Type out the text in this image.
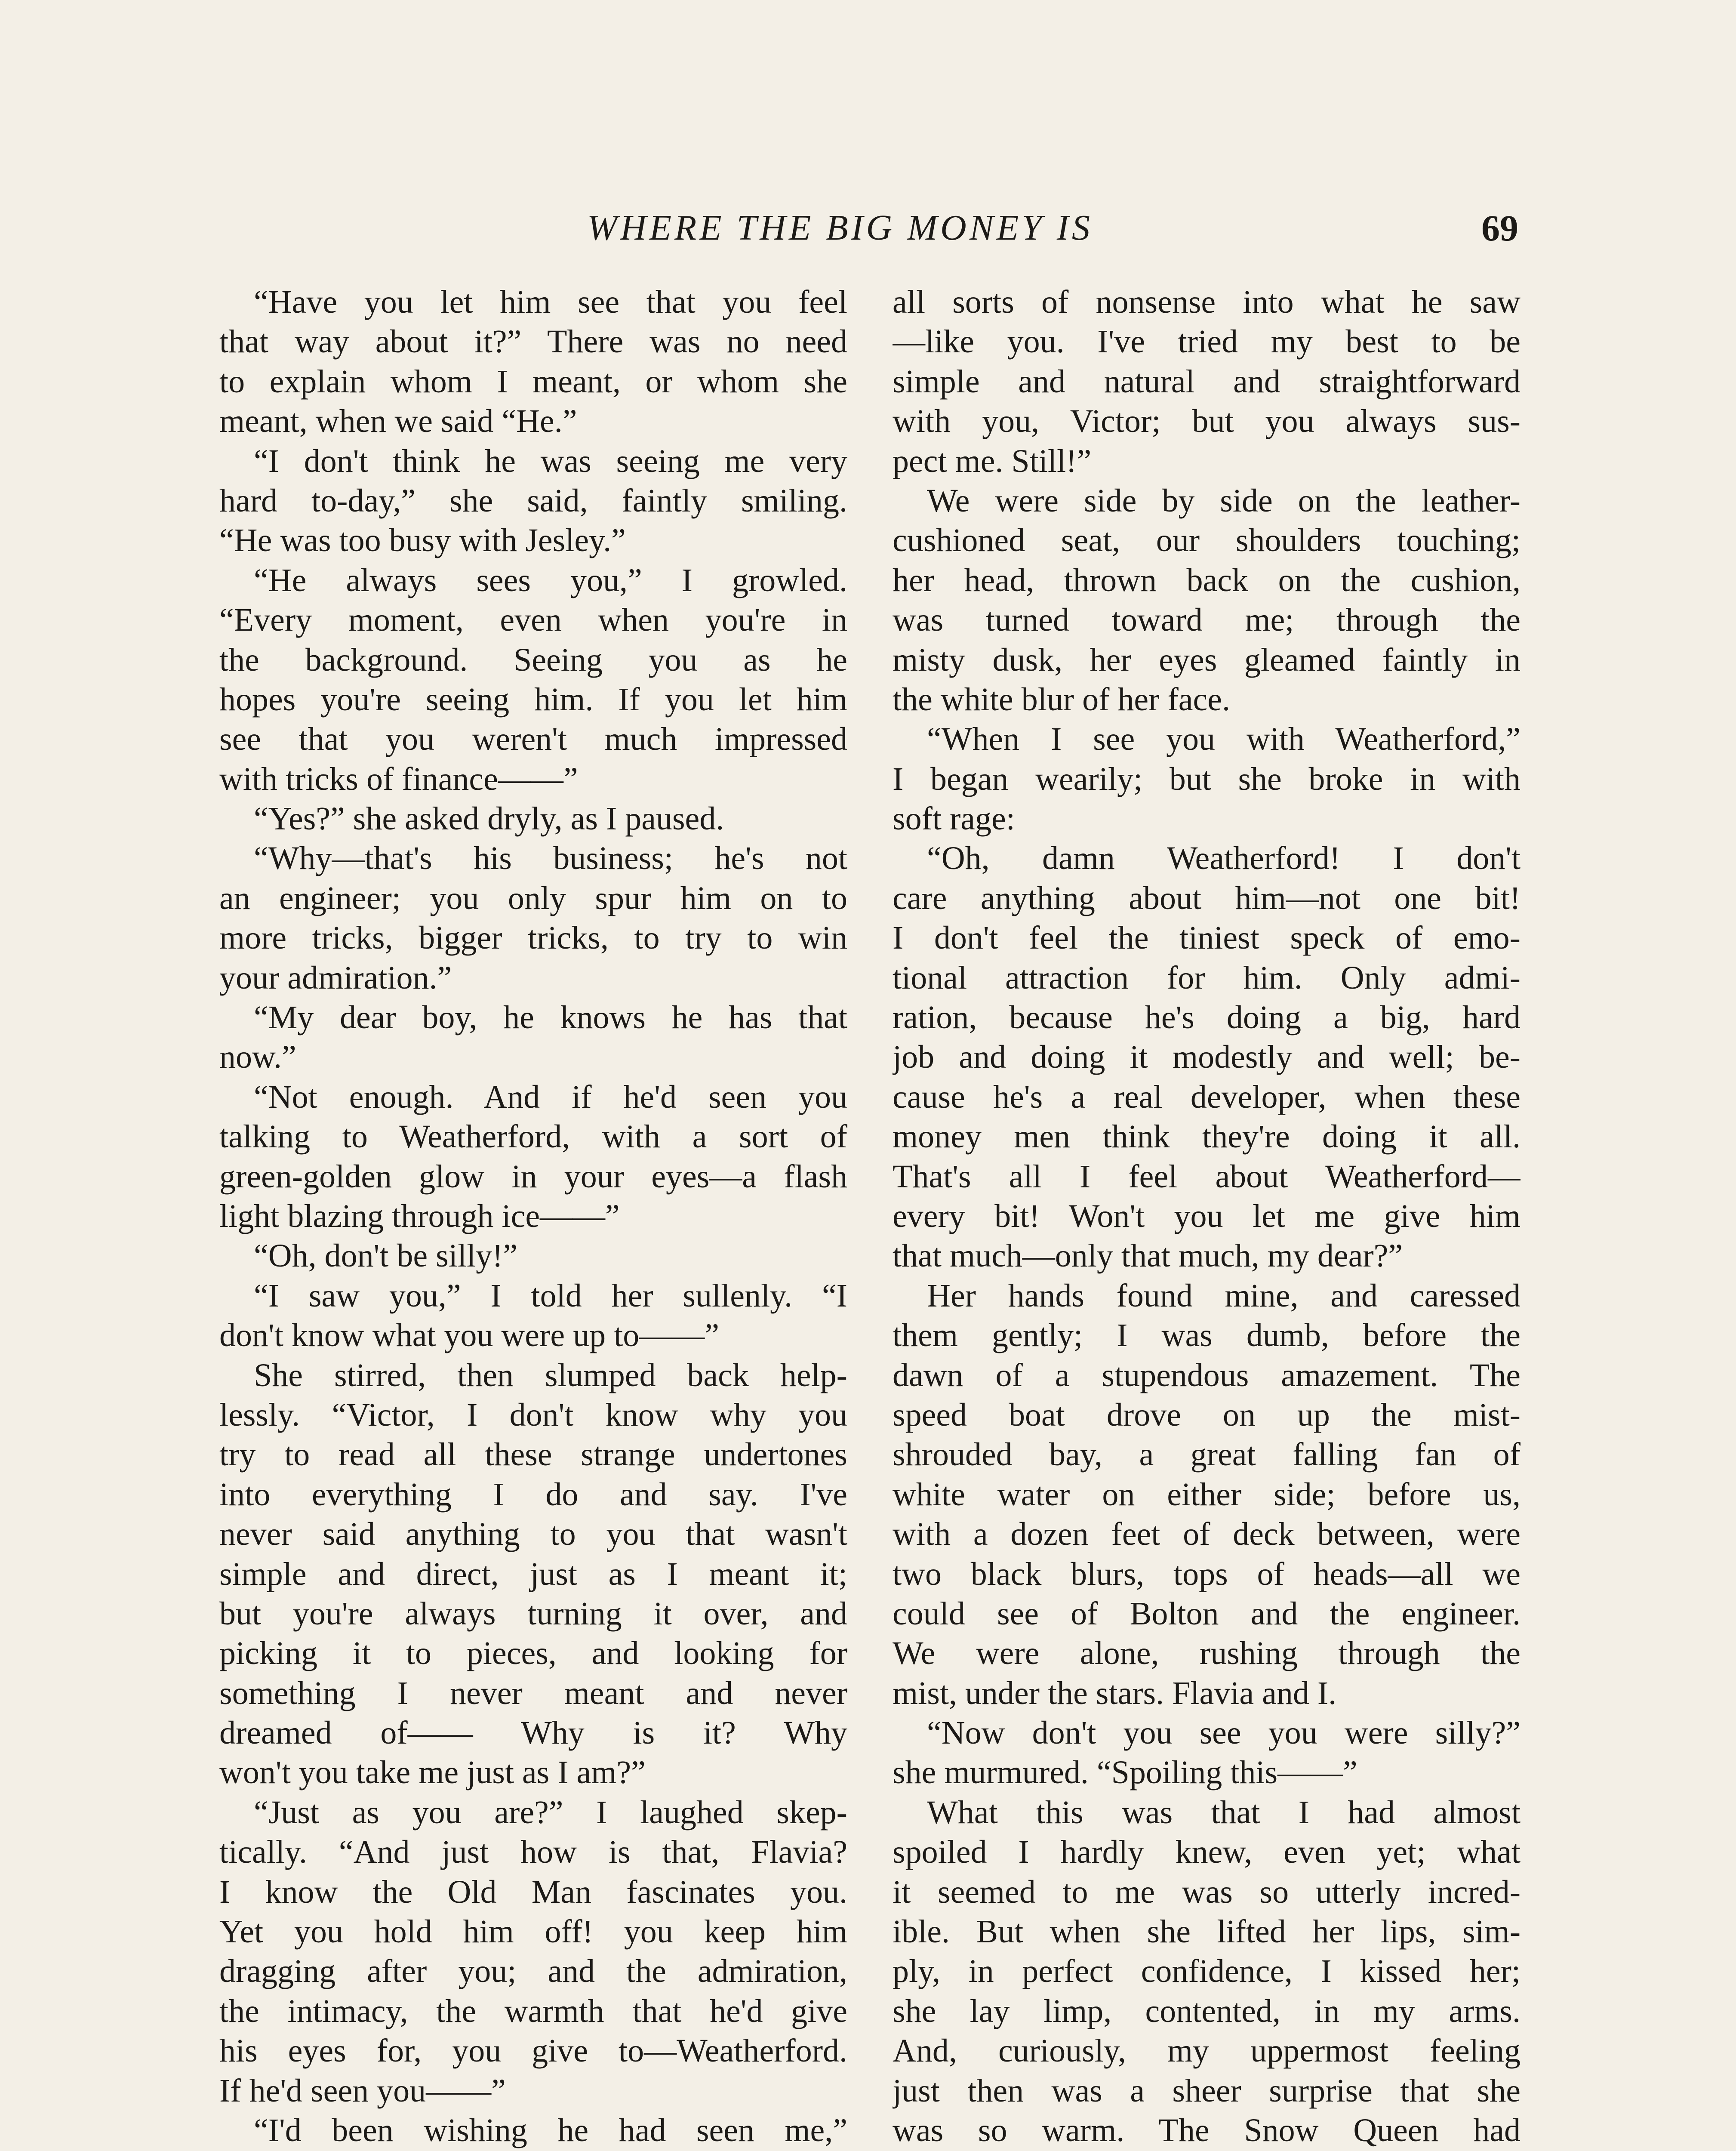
WHERE THE BIG MONEY IS	69
“Have you let him see that you feel
that way about it?” There was no need
to explain whom I meant, or whom she
meant, when we said “He.”
“I don't think he was seeing me very
hard to-day,” she said, faintly smiling.
“He was too busy with Jesley.”
“He always sees you,” I growled.
“Every moment, even when you're in
the background. Seeing you as he
hopes you're seeing him. If you let him
see that you weren't much impressed
with tricks of finance——”
“Yes?” she asked dryly, as I paused.
“Why—that's his business; he's not
an engineer; you only spur him on to
more tricks, bigger tricks, to try to win
your admiration.”
“My dear boy, he knows he has that
now.”
“Not enough. And if he'd seen you
talking to Weatherford, with a sort of
green-golden glow in your eyes—a flash
light blazing through ice——”
“Oh, don't be silly!”
“I saw you,” I told her sullenly. “I
don't know what you were up to——”
She stirred, then slumped back help-
lessly. “Victor, I don't know why you
try to read all these strange undertones
into everything I do and say. I've
never said anything to you that wasn't
simple and direct, just as I meant it;
but you're always turning it over, and
picking it to pieces, and looking for
something I never meant and never
dreamed of—— Why is it? Why
won't you take me just as I am?”
“Just as you are?” I laughed skep-
tically. “And just how is that, Flavia?
I know the Old Man fascinates you.
Yet you hold him off! you keep him
dragging after you; and the admiration,
the intimacy, the warmth that he'd give
his eyes for, you give to—Weatherford.
If he'd seen you——”
“I'd been wishing he had seen me,”
all sorts of nonsense into what he saw
—like you. I've tried my best to be
simple and natural and straightforward
with you, Victor; but you always sus-
pect me. Still!”
We were side by side on the leather-
cushioned seat, our shoulders touching;
her head, thrown back on the cushion,
was turned toward me; through the
misty dusk, her eyes gleamed faintly in
the white blur of her face.
“When I see you with Weatherford,”
I began wearily; but she broke in with
soft rage:
“Oh, damn Weatherford! I don't
care anything about him—not one bit!
I don't feel the tiniest speck of emo-
tional attraction for him. Only admi-
ration, because he's doing a big, hard
job and doing it modestly and well; be-
cause he's a real developer, when these
money men think they're doing it all.
That's all I feel about Weatherford—
every bit! Won't you let me give him
that much—only that much, my dear?”
Her hands found mine, and caressed
them gently; I was dumb, before the
dawn of a stupendous amazement. The
speed boat drove on up the mist-
shrouded bay, a great falling fan of
white water on either side; before us,
with a dozen feet of deck between, were
two black blurs, tops of heads—all we
could see of Bolton and the engineer.
We were alone, rushing through the
mist, under the stars. Flavia and I.
“Now don't you see you were silly?”
she murmured. “Spoiling this——”
What this was that I had almost
spoiled I hardly knew, even yet; what
it seemed to me was so utterly incred-
ible. But when she lifted her lips, sim-
ply, in perfect confidence, I kissed her;
she lay limp, contented, in my arms.
And, curiously, my uppermost feeling
just then was a sheer surprise that she
was so warm. The Snow Queen had
